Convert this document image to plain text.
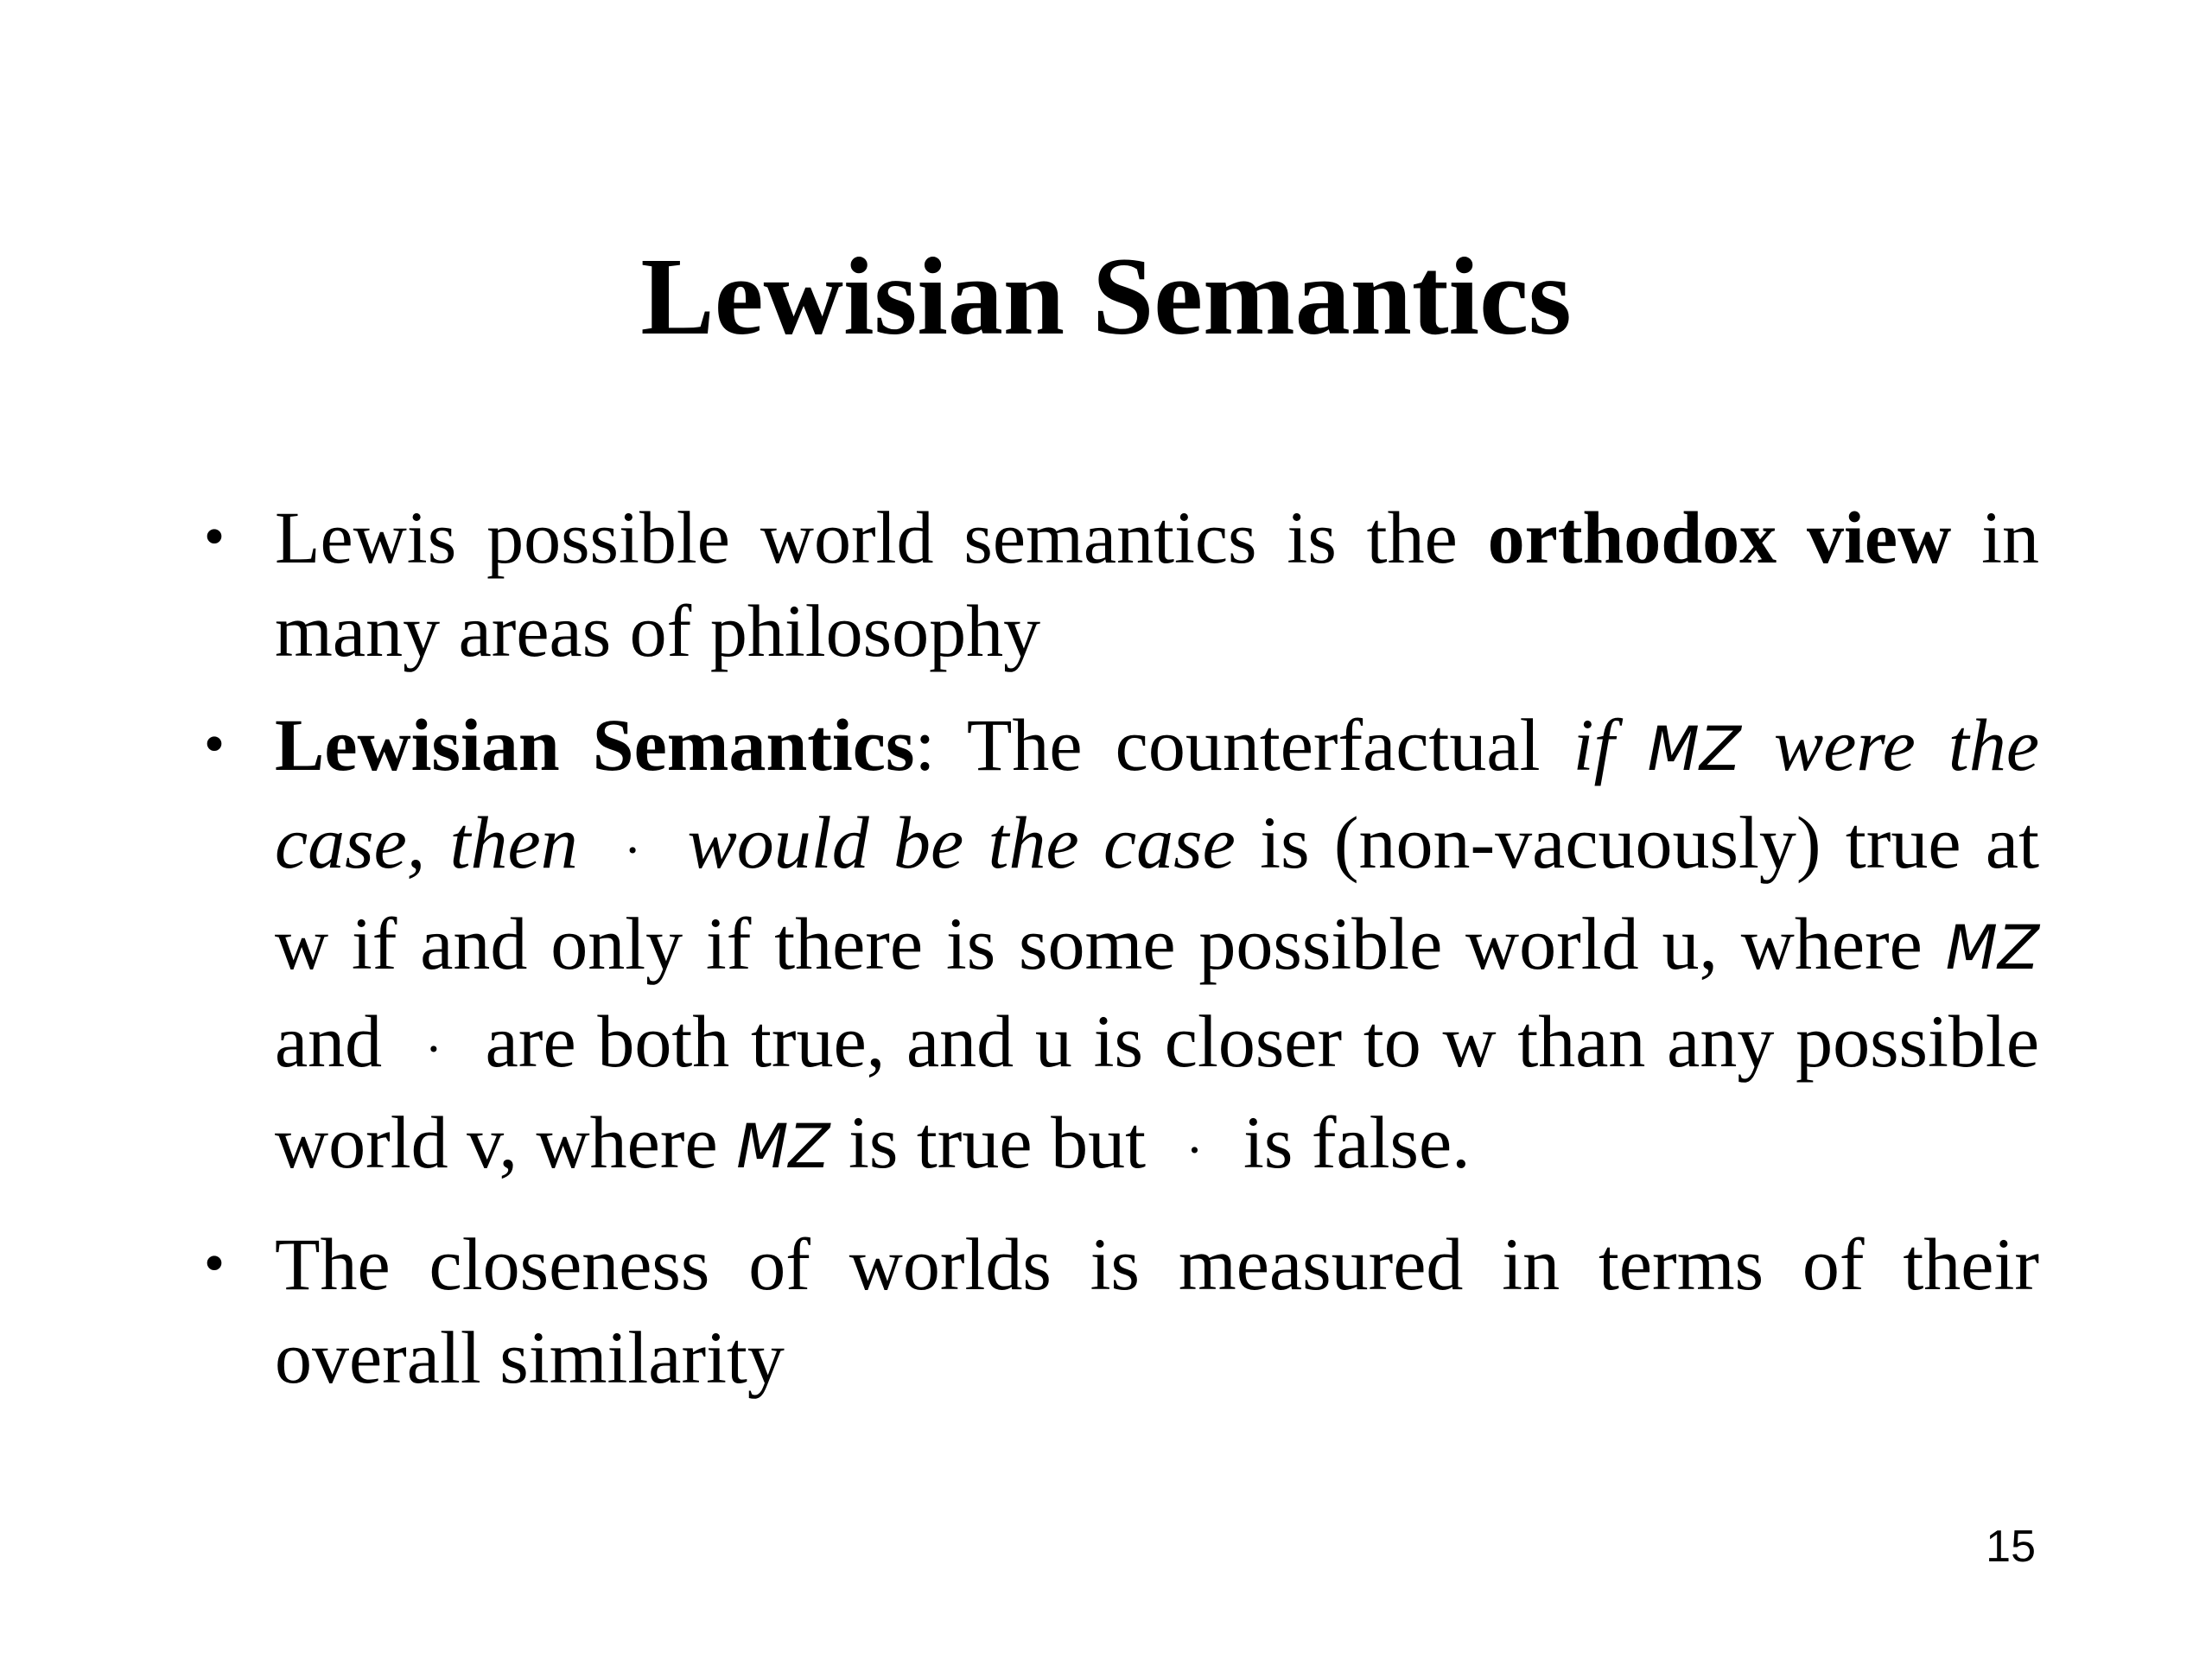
Lewisian Semantics
• Lewis possible world semantics is the orthodox view in many areas of philosophy
• Lewisian Semantics: The counterfactual if MZ were the case, then · would be the case is (non-vacuously) true at w if and only if there is some possible world u, where MZ and · are both true, and u is closer to w than any possible world v, where MZ is true but · is false.
• The closeness of worlds is measured in terms of their overall similarity
15
